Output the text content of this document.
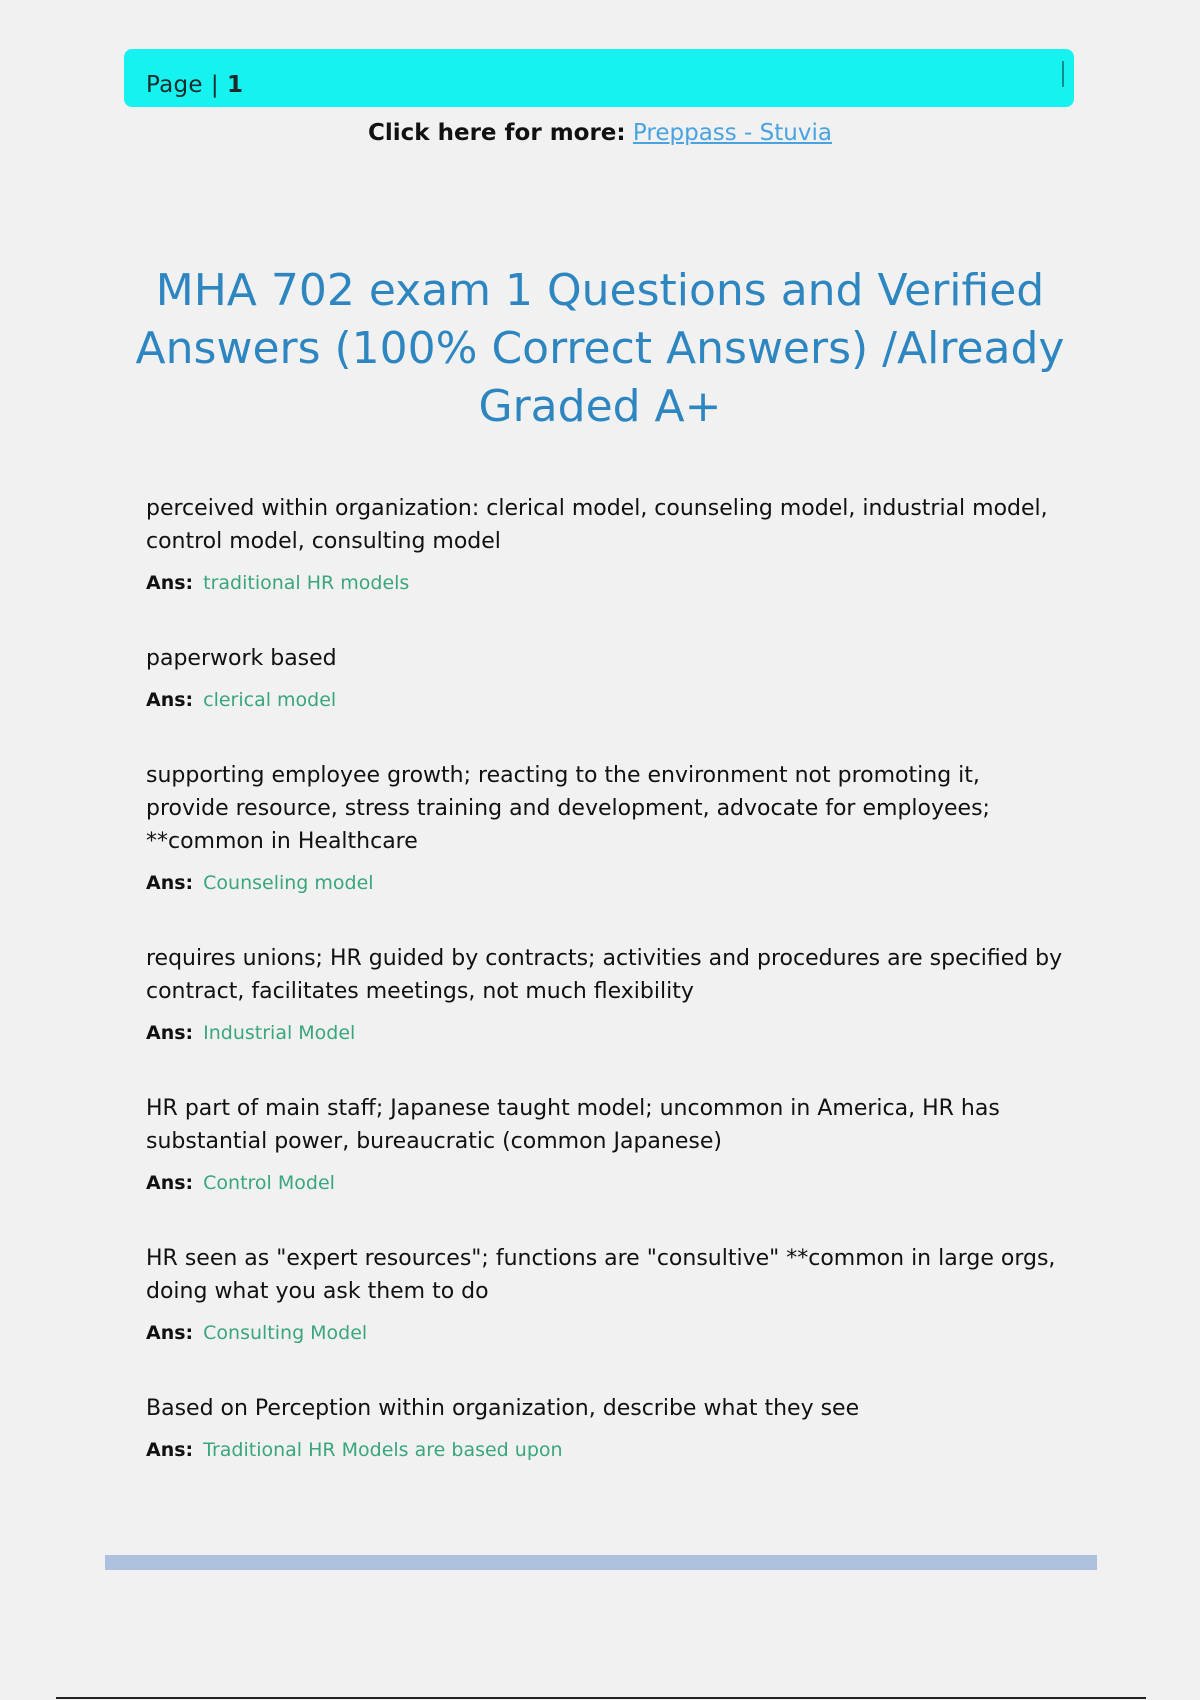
Page | 1
Click here for more: Preppass - Stuvia
MHA 702 exam 1 Questions and Verified Answers (100% Correct Answers) /Already Graded A+

perceived within organization: clerical model, counseling model, industrial model, control model, consulting model

Ans: traditional HR models

paperwork based

Ans: clerical model

supporting employee growth; reacting to the environment not promoting it, provide resource, stress training and development, advocate for employees; **common in Healthcare

Ans: Counseling model

requires unions; HR guided by contracts; activities and procedures are specified by contract, facilitates meetings, not much flexibility

Ans: Industrial Model

HR part of main staff; Japanese taught model; uncommon in America, HR has substantial power, bureaucratic (common Japanese)

Ans: Control Model

HR seen as "expert resources"; functions are "consultive" **common in large orgs, doing what you ask them to do

Ans: Consulting Model

Based on Perception within organization, describe what they see

Ans: Traditional HR Models are based upon
